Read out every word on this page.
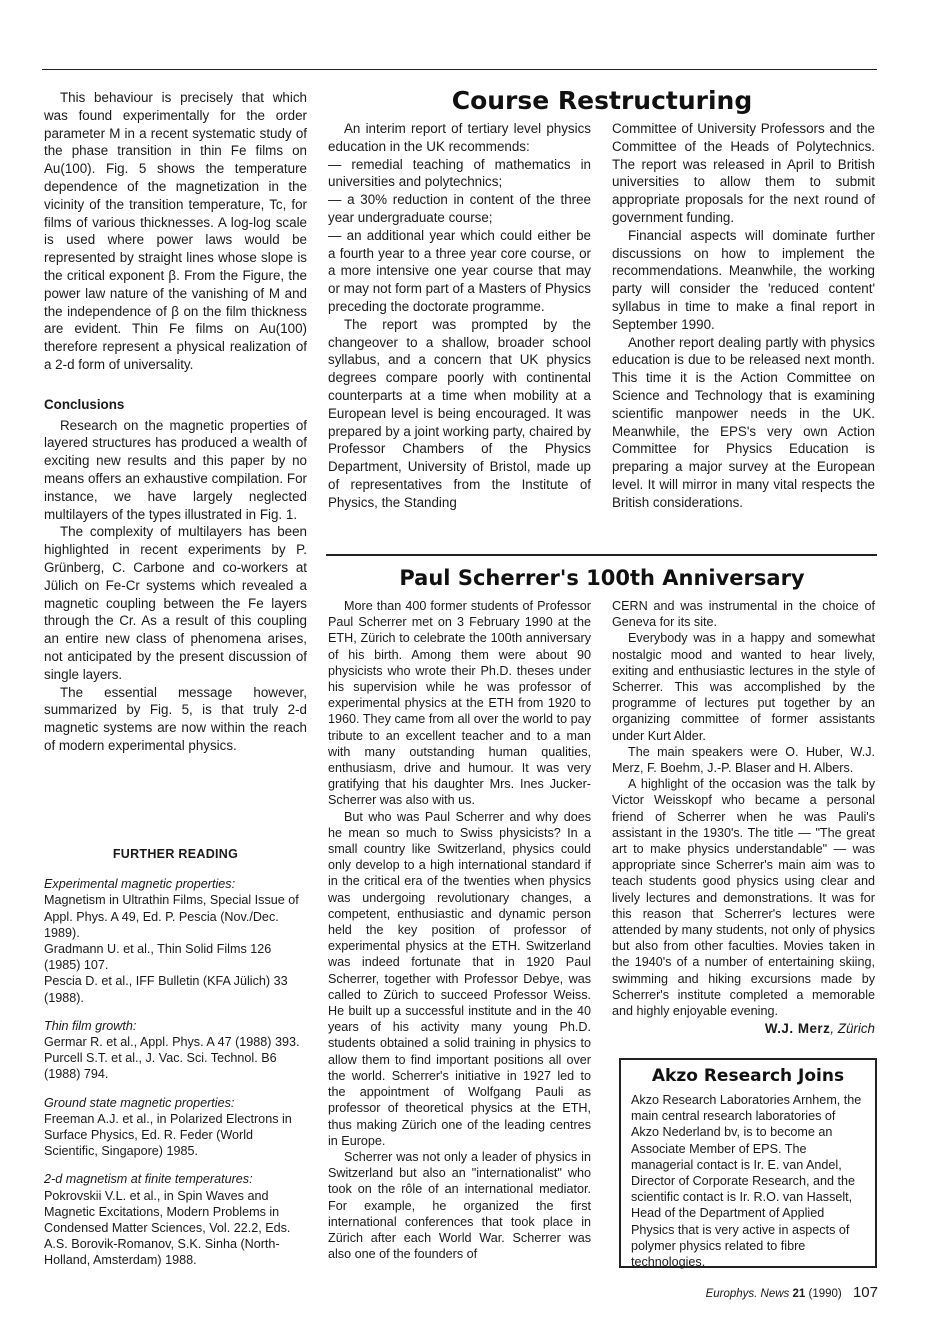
This behaviour is precisely that which was found experimentally for the order parameter M in a recent systematic study of the phase transition in thin Fe films on Au(100). Fig. 5 shows the temperature dependence of the magnetization in the vicinity of the transition temperature, Tc, for films of various thicknesses. A log-log scale is used where power laws would be represented by straight lines whose slope is the critical exponent β. From the Figure, the power law nature of the vanishing of M and the independence of β on the film thickness are evident. Thin Fe films on Au(100) therefore represent a physical realization of a 2-d form of universality.

Conclusions

Research on the magnetic properties of layered structures has produced a wealth of exciting new results and this paper by no means offers an exhaustive compilation. For instance, we have largely neglected multilayers of the types illustrated in Fig. 1.

The complexity of multilayers has been highlighted in recent experiments by P. Grünberg, C. Carbone and co-workers at Jülich on Fe-Cr systems which revealed a magnetic coupling between the Fe layers through the Cr. As a result of this coupling an entire new class of phenomena arises, not anticipated by the present discussion of single layers.

The essential message however, summarized by Fig. 5, is that truly 2-d magnetic systems are now within the reach of modern experimental physics.

FURTHER READING

Experimental magnetic properties:

Magnetism in Ultrathin Films, Special Issue of Appl. Phys. A 49, Ed. P. Pescia (Nov./Dec. 1989).

Gradmann U. et al., Thin Solid Films 126 (1985) 107.

Pescia D. et al., IFF Bulletin (KFA Jülich) 33 (1988).

Thin film growth:

Germar R. et al., Appl. Phys. A 47 (1988) 393.

Purcell S.T. et al., J. Vac. Sci. Technol. B6 (1988) 794.

Ground state magnetic properties:

Freeman A.J. et al., in Polarized Electrons in Surface Physics, Ed. R. Feder (World Scientific, Singapore) 1985.

2-d magnetism at finite temperatures:

Pokrovskii V.L. et al., in Spin Waves and Magnetic Excitations, Modern Problems in Condensed Matter Sciences, Vol. 22.2, Eds. A.S. Borovik-Romanov, S.K. Sinha (North-Holland, Amsterdam) 1988.

Course Restructuring

An interim report of tertiary level physics education in the UK recommends:

— remedial teaching of mathematics in universities and polytechnics;

— a 30% reduction in content of the three year undergraduate course;

— an additional year which could either be a fourth year to a three year core course, or a more intensive one year course that may or may not form part of a Masters of Physics preceding the doctorate programme.

The report was prompted by the changeover to a shallow, broader school syllabus, and a concern that UK physics degrees compare poorly with continental counterparts at a time when mobility at a European level is being encouraged. It was prepared by a joint working party, chaired by Professor Chambers of the Physics Department, University of Bristol, made up of representatives from the Institute of Physics, the Standing

Committee of University Professors and the Committee of the Heads of Polytechnics. The report was released in April to British universities to allow them to submit appropriate proposals for the next round of government funding.

Financial aspects will dominate further discussions on how to implement the recommendations. Meanwhile, the working party will consider the 'reduced content' syllabus in time to make a final report in September 1990.

Another report dealing partly with physics education is due to be released next month. This time it is the Action Committee on Science and Technology that is examining scientific manpower needs in the UK. Meanwhile, the EPS's very own Action Committee for Physics Education is preparing a major survey at the European level. It will mirror in many vital respects the British considerations.

Paul Scherrer's 100th Anniversary

More than 400 former students of Professor Paul Scherrer met on 3 February 1990 at the ETH, Zürich to celebrate the 100th anniversary of his birth. Among them were about 90 physicists who wrote their Ph.D. theses under his supervision while he was professor of experimental physics at the ETH from 1920 to 1960. They came from all over the world to pay tribute to an excellent teacher and to a man with many outstanding human qualities, enthusiasm, drive and humour. It was very gratifying that his daughter Mrs. Ines Jucker-Scherrer was also with us.

But who was Paul Scherrer and why does he mean so much to Swiss physicists? In a small country like Switzerland, physics could only develop to a high international standard if in the critical era of the twenties when physics was undergoing revolutionary changes, a competent, enthusiastic and dynamic person held the key position of professor of experimental physics at the ETH. Switzerland was indeed fortunate that in 1920 Paul Scherrer, together with Professor Debye, was called to Zürich to succeed Professor Weiss. He built up a successful institute and in the 40 years of his activity many young Ph.D. students obtained a solid training in physics to allow them to find important positions all over the world. Scherrer's initiative in 1927 led to the appointment of Wolfgang Pauli as professor of theoretical physics at the ETH, thus making Zürich one of the leading centres in Europe.

Scherrer was not only a leader of physics in Switzerland but also an "internationalist" who took on the rôle of an international mediator. For example, he organized the first international conferences that took place in Zürich after each World War. Scherrer was also one of the founders of

CERN and was instrumental in the choice of Geneva for its site.

Everybody was in a happy and somewhat nostalgic mood and wanted to hear lively, exiting and enthusiastic lectures in the style of Scherrer. This was accomplished by the programme of lectures put together by an organizing committee of former assistants under Kurt Alder.

The main speakers were O. Huber, W.J. Merz, F. Boehm, J.-P. Blaser and H. Albers.

A highlight of the occasion was the talk by Victor Weisskopf who became a personal friend of Scherrer when he was Pauli's assistant in the 1930's. The title — "The great art to make physics understandable" — was appropriate since Scherrer's main aim was to teach students good physics using clear and lively lectures and demonstrations. It was for this reason that Scherrer's lectures were attended by many students, not only of physics but also from other faculties. Movies taken in the 1940's of a number of entertaining skiing, swimming and hiking excursions made by Scherrer's institute completed a memorable and highly enjoyable evening.

W.J. Merz, Zürich
Akzo Research Joins
Akzo Research Laboratories Arnhem, the main central research laboratories of Akzo Nederland bv, is to become an Associate Member of EPS. The managerial contact is Ir. E. van Andel, Director of Corporate Research, and the scientific contact is Ir. R.O. van Hasselt, Head of the Department of Applied Physics that is very active in aspects of polymer physics related to fibre technologies.
Europhys. News 21 (1990) 107
